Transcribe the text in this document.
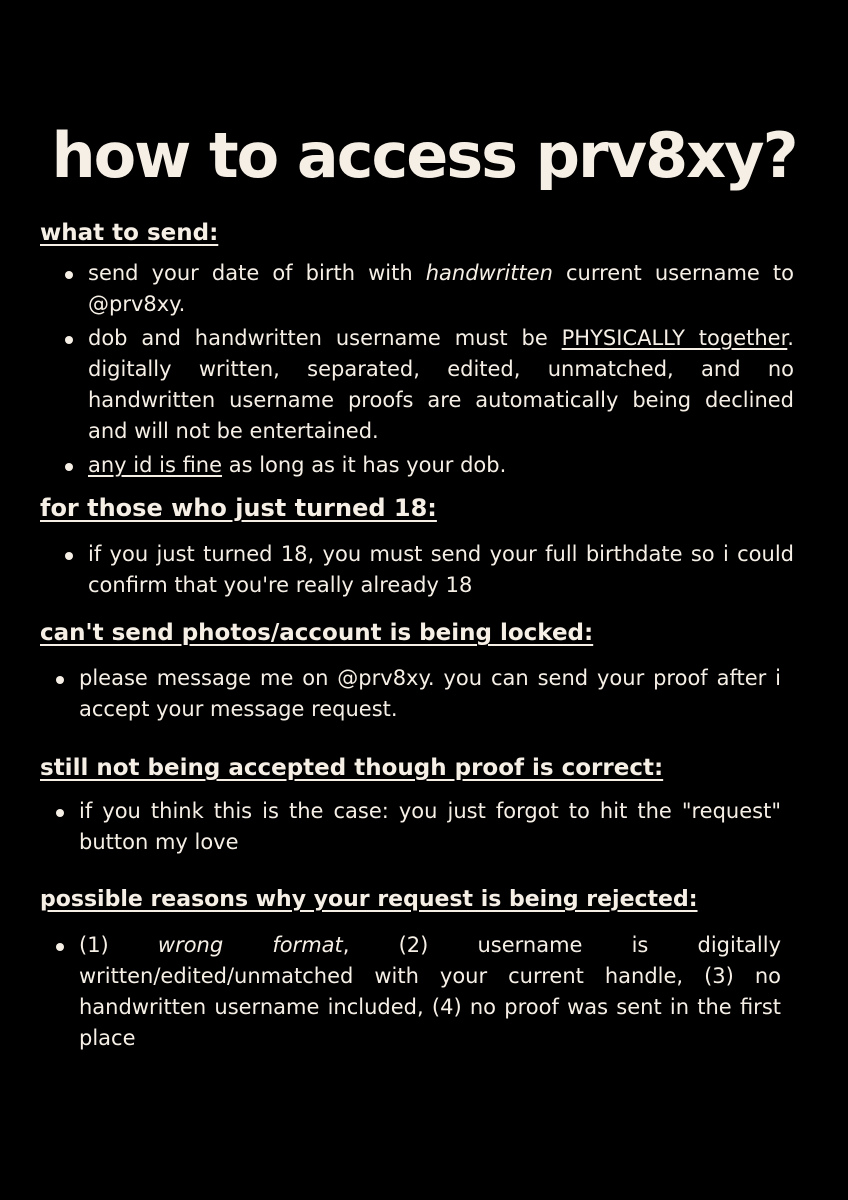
how to access prv8xy?
what to send:
send your date of birth with handwritten current username to @prv8xy.
dob and handwritten username must be PHYSICALLY together. digitally written, separated, edited, unmatched, and no handwritten username proofs are automatically being declined and will not be entertained.
any id is fine as long as it has your dob.
for those who just turned 18:
if you just turned 18, you must send your full birthdate so i could confirm that you're really already 18
can't send photos/account is being locked:
please message me on @prv8xy. you can send your proof after i accept your message request.
still not being accepted though proof is correct:
if you think this is the case: you just forgot to hit the "request" button my love
possible reasons why your request is being rejected:
(1) wrong format, (2) username is digitally written/edited/unmatched with your current handle, (3) no handwritten username included, (4) no proof was sent in the first place
